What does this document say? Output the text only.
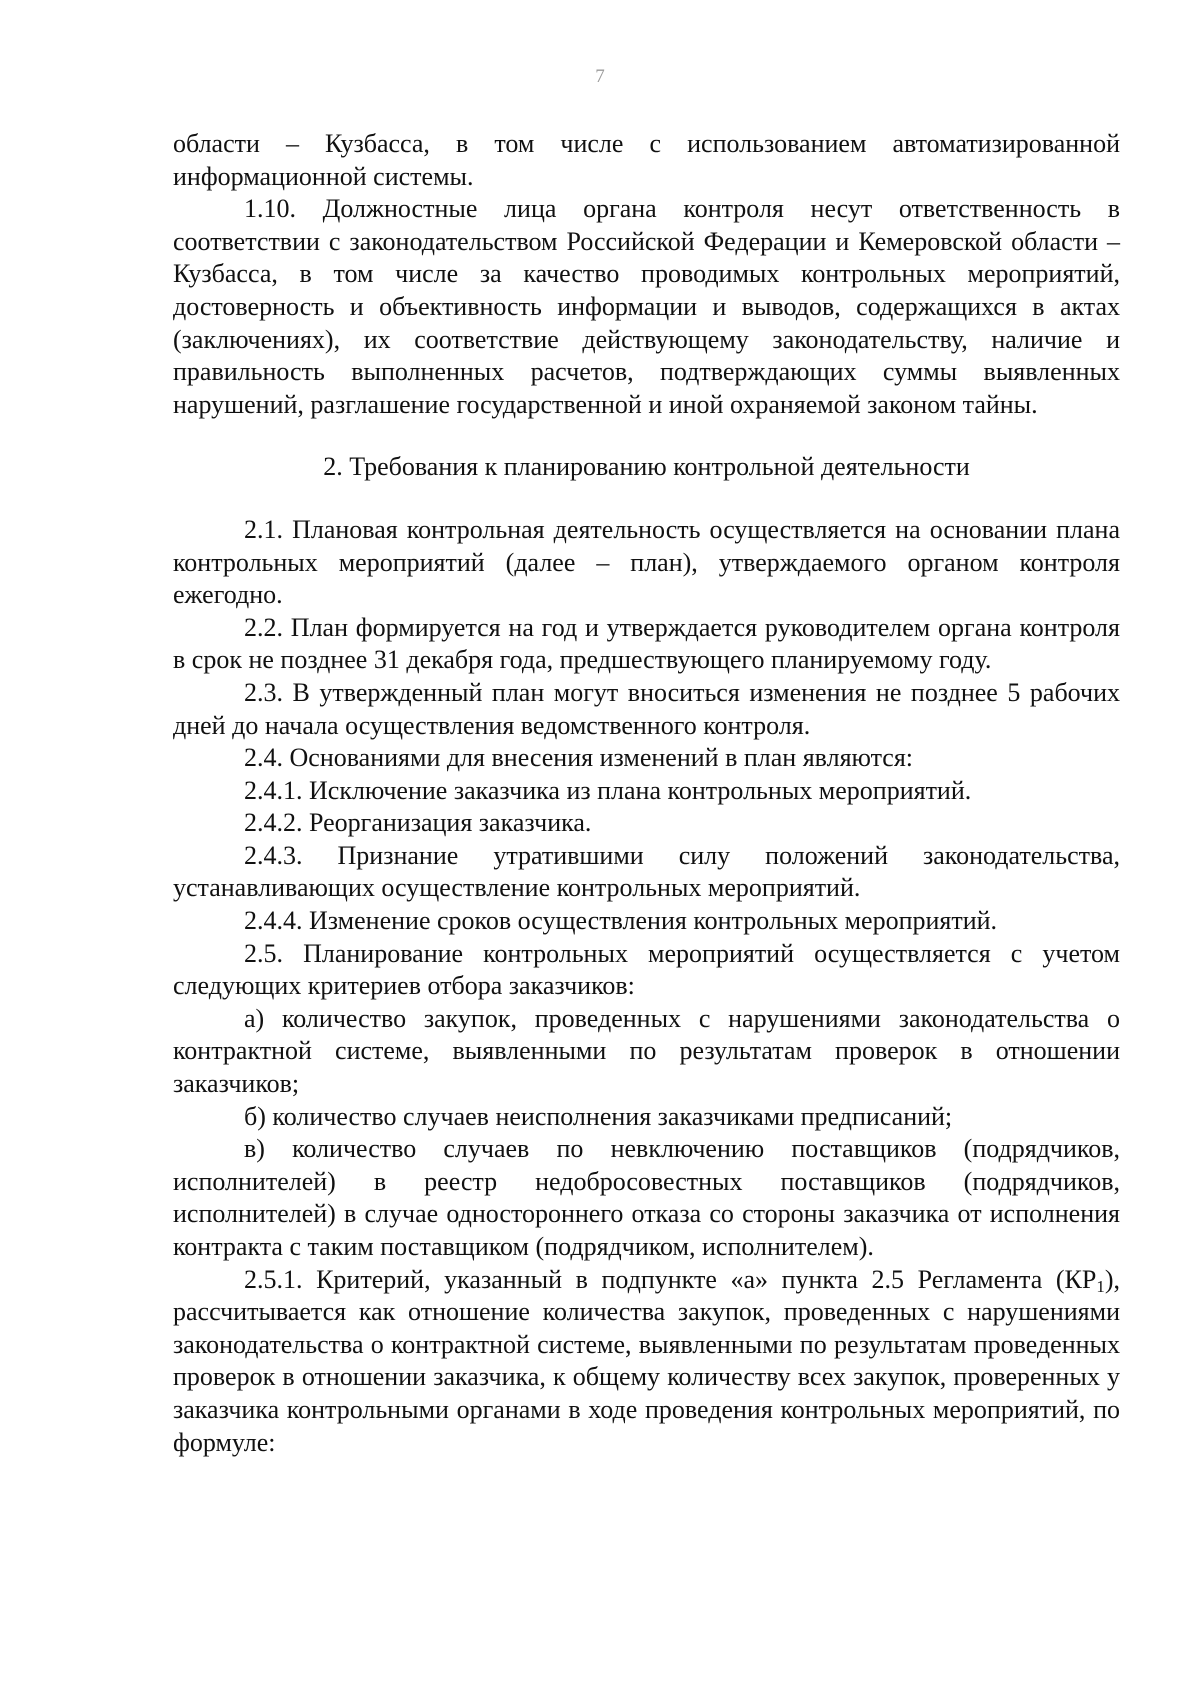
7

области – Кузбасса, в том числе с использованием автоматизированной информационной системы.

1.10. Должностные лица органа контроля несут ответственность в соответствии с законодательством Российской Федерации и Кемеровской области – Кузбасса, в том числе за качество проводимых контрольных мероприятий, достоверность и объективность информации и выводов, содержащихся в актах (заключениях), их соответствие действующему законодательству, наличие и правильность выполненных расчетов, подтверждающих суммы выявленных нарушений, разглашение государственной и иной охраняемой законом тайны.

2. Требования к планированию контрольной деятельности

2.1. Плановая контрольная деятельность осуществляется на основании плана контрольных мероприятий (далее – план), утверждаемого органом контроля ежегодно.

2.2. План формируется на год и утверждается руководителем органа контроля в срок не позднее 31 декабря года, предшествующего планируемому году.

2.3. В утвержденный план могут вноситься изменения не позднее 5 рабочих дней до начала осуществления ведомственного контроля.

2.4. Основаниями для внесения изменений в план являются:

2.4.1. Исключение заказчика из плана контрольных мероприятий.

2.4.2. Реорганизация заказчика.

2.4.3. Признание утратившими силу положений законодательства, устанавливающих осуществление контрольных мероприятий.

2.4.4. Изменение сроков осуществления контрольных мероприятий.

2.5. Планирование контрольных мероприятий осуществляется с учетом следующих критериев отбора заказчиков:

а) количество закупок, проведенных с нарушениями законодательства о контрактной системе, выявленными по результатам проверок в отношении заказчиков;

б) количество случаев неисполнения заказчиками предписаний;

в) количество случаев по невключению поставщиков (подрядчиков, исполнителей) в реестр недобросовестных поставщиков (подрядчиков, исполнителей) в случае одностороннего отказа со стороны заказчика от исполнения контракта с таким поставщиком (подрядчиком, исполнителем).

2.5.1. Критерий, указанный в подпункте «а» пункта 2.5 Регламента $(КР_1)$, рассчитывается как отношение количества закупок, проведенных с нарушениями законодательства о контрактной системе, выявленными по результатам проведенных проверок в отношении заказчика, к общему количеству всех закупок, проверенных у заказчика контрольными органами в ходе проведения контрольных мероприятий, по формуле:
